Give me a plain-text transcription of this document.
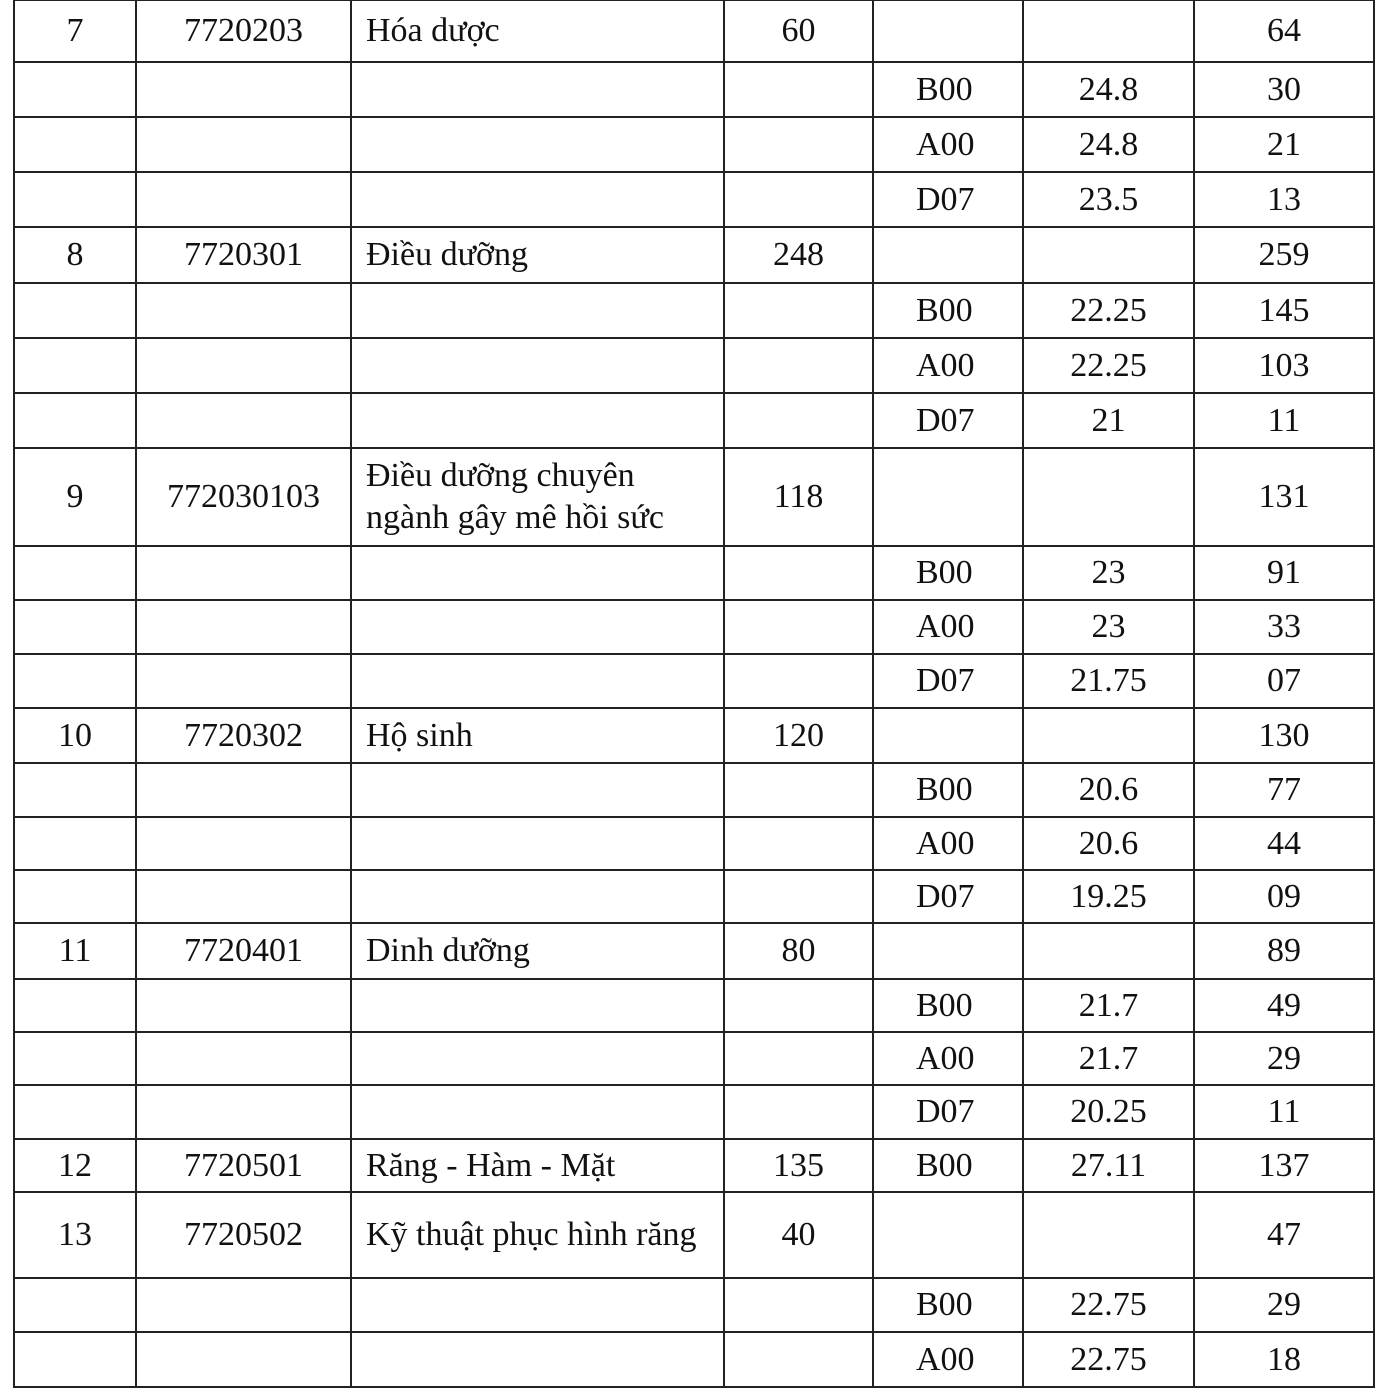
7	7720203	Hóa dược	60			64
				B00	24.8	30
				A00	24.8	21
				D07	23.5	13
8	7720301	Điều dưỡng	248			259
				B00	22.25	145
				A00	22.25	103
				D07	21	11
9	772030103	Điều dưỡng chuyên ngành gây mê hồi sức	118			131
				B00	23	91
				A00	23	33
				D07	21.75	07
10	7720302	Hộ sinh	120			130
				B00	20.6	77
				A00	20.6	44
				D07	19.25	09
11	7720401	Dinh dưỡng	80			89
				B00	21.7	49
				A00	21.7	29
				D07	20.25	11
12	7720501	Răng - Hàm - Mặt	135	B00	27.11	137
13	7720502	Kỹ thuật phục hình răng	40			47
				B00	22.75	29
				A00	22.75	18
